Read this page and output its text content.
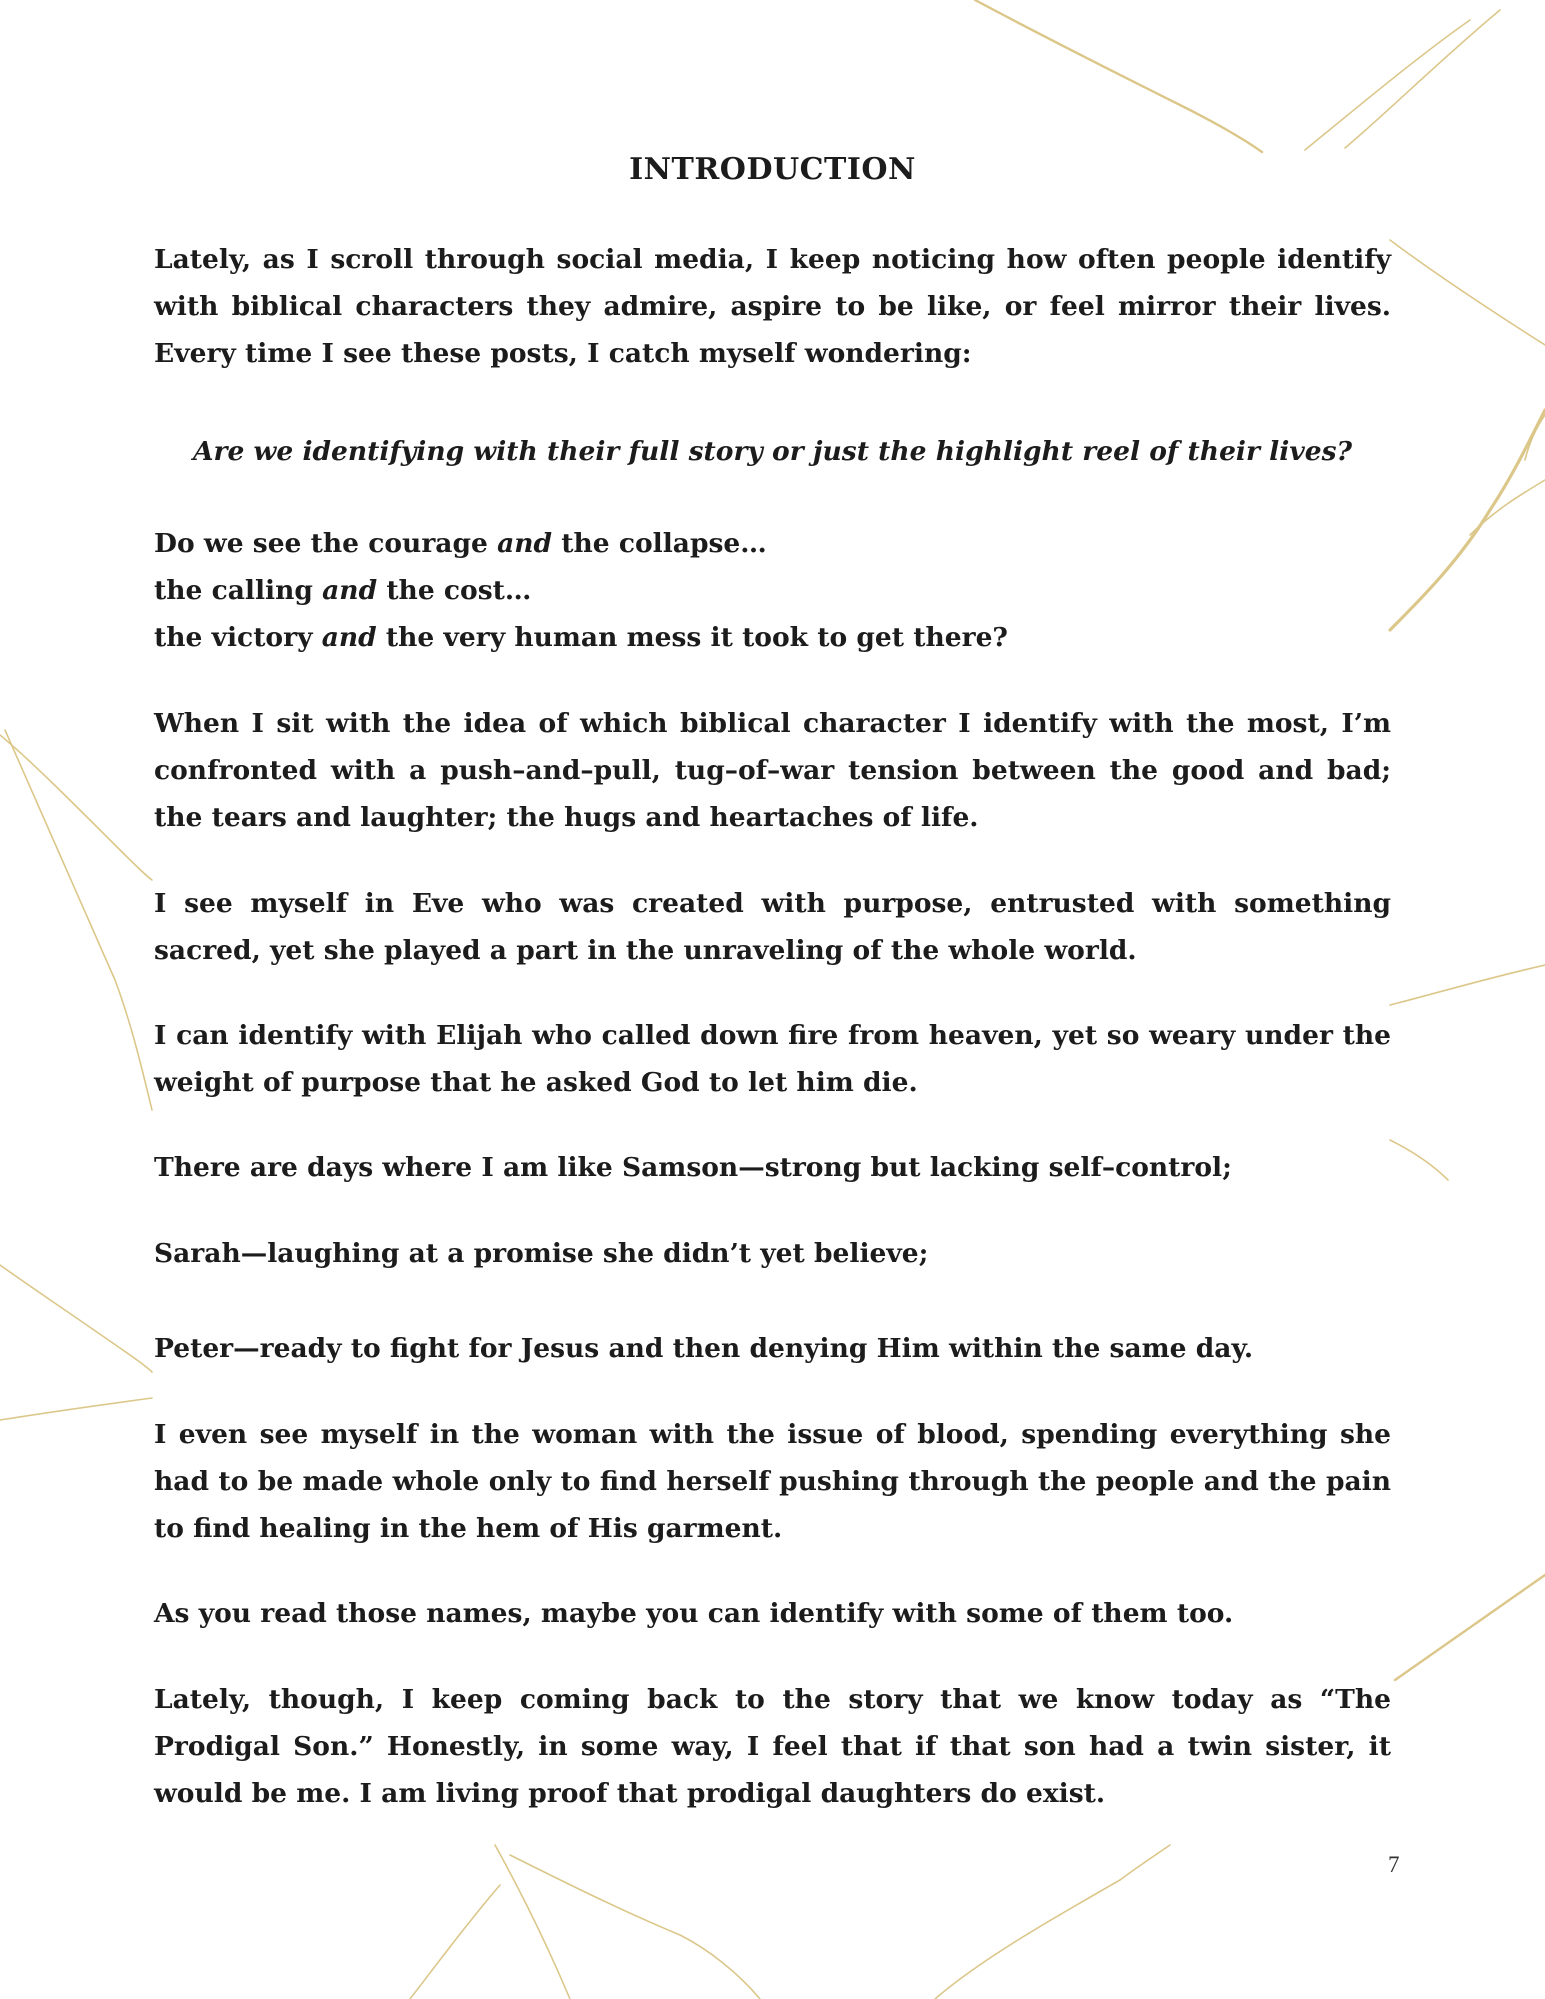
INTRODUCTION

Lately, as I scroll through social media, I keep noticing how often people identify with biblical characters they admire, aspire to be like, or feel mirror their lives. Every time I see these posts, I catch myself wondering:

Are we identifying with their full story or just the highlight reel of their lives?

Do we see the courage and the collapse…
the calling and the cost…
the victory and the very human mess it took to get there?

When I sit with the idea of which biblical character I identify with the most, I’m confronted with a push–and–pull, tug–of–war tension between the good and bad; the tears and laughter; the hugs and heartaches of life.

I see myself in Eve who was created with purpose, entrusted with something sacred, yet she played a part in the unraveling of the whole world.

I can identify with Elijah who called down fire from heaven, yet so weary under the weight of purpose that he asked God to let him die.

There are days where I am like Samson—strong but lacking self–control;

Sarah—laughing at a promise she didn’t yet believe;

Peter—ready to fight for Jesus and then denying Him within the same day.

I even see myself in the woman with the issue of blood, spending everything she had to be made whole only to find herself pushing through the people and the pain to find healing in the hem of His garment.

As you read those names, maybe you can identify with some of them too.

Lately, though, I keep coming back to the story that we know today as “The Prodigal Son.” Honestly, in some way, I feel that if that son had a twin sister, it would be me. I am living proof that prodigal daughters do exist.

7
